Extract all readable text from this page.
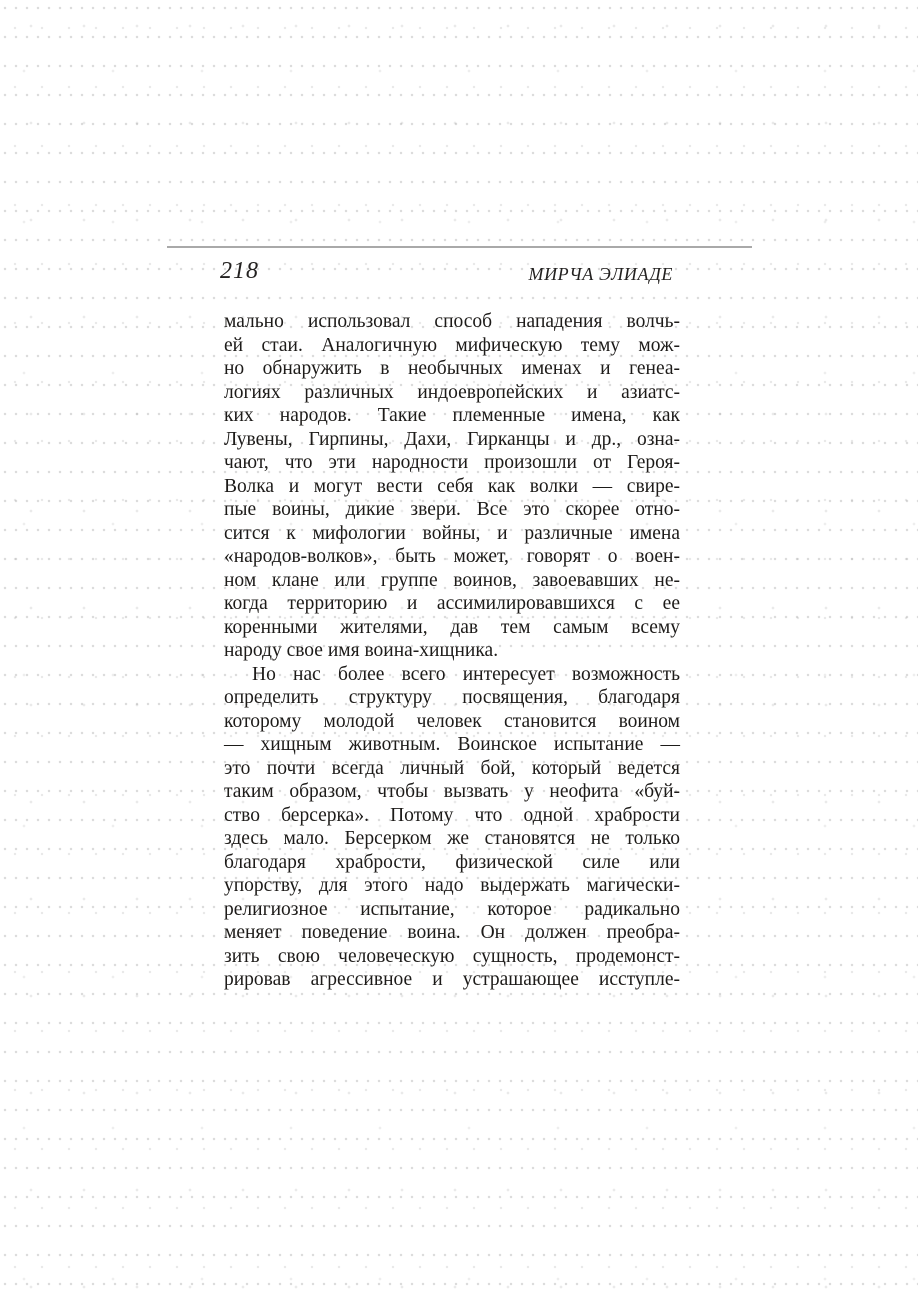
218	МИРЧА ЭЛИАДЕ
мально использовал способ нападения волчь-
ей стаи. Аналогичную мифическую тему мож-
но обнаружить в необычных именах и генеа-
логиях различных индоевропейских и азиатс-
ких народов. Такие племенные имена, как
Лувены, Гирпины, Дахи, Гирканцы и др., озна-
чают, что эти народности произошли от Героя-
Волка и могут вести себя как волки — свире-
пые воины, дикие звери. Все это скорее отно-
сится к мифологии войны, и различные имена
«народов-волков», быть может, говорят о воен-
ном клане или группе воинов, завоевавших не-
когда территорию и ассимилировавшихся с ее
коренными жителями, дав тем самым всему
народу свое имя воина-хищника.
Но нас более всего интересует возможность
определить структуру посвящения, благодаря
которому молодой человек становится воином
— хищным животным. Воинское испытание —
это почти всегда личный бой, который ведется
таким образом, чтобы вызвать у неофита «буй-
ство берсерка». Потому что одной храбрости
здесь мало. Берсерком же становятся не только
благодаря храбрости, физической силе или
упорству, для этого надо выдержать магически-
религиозное испытание, которое радикально
меняет поведение воина. Он должен преобра-
зить свою человеческую сущность, продемонст-
рировав агрессивное и устрашающее исступле-
